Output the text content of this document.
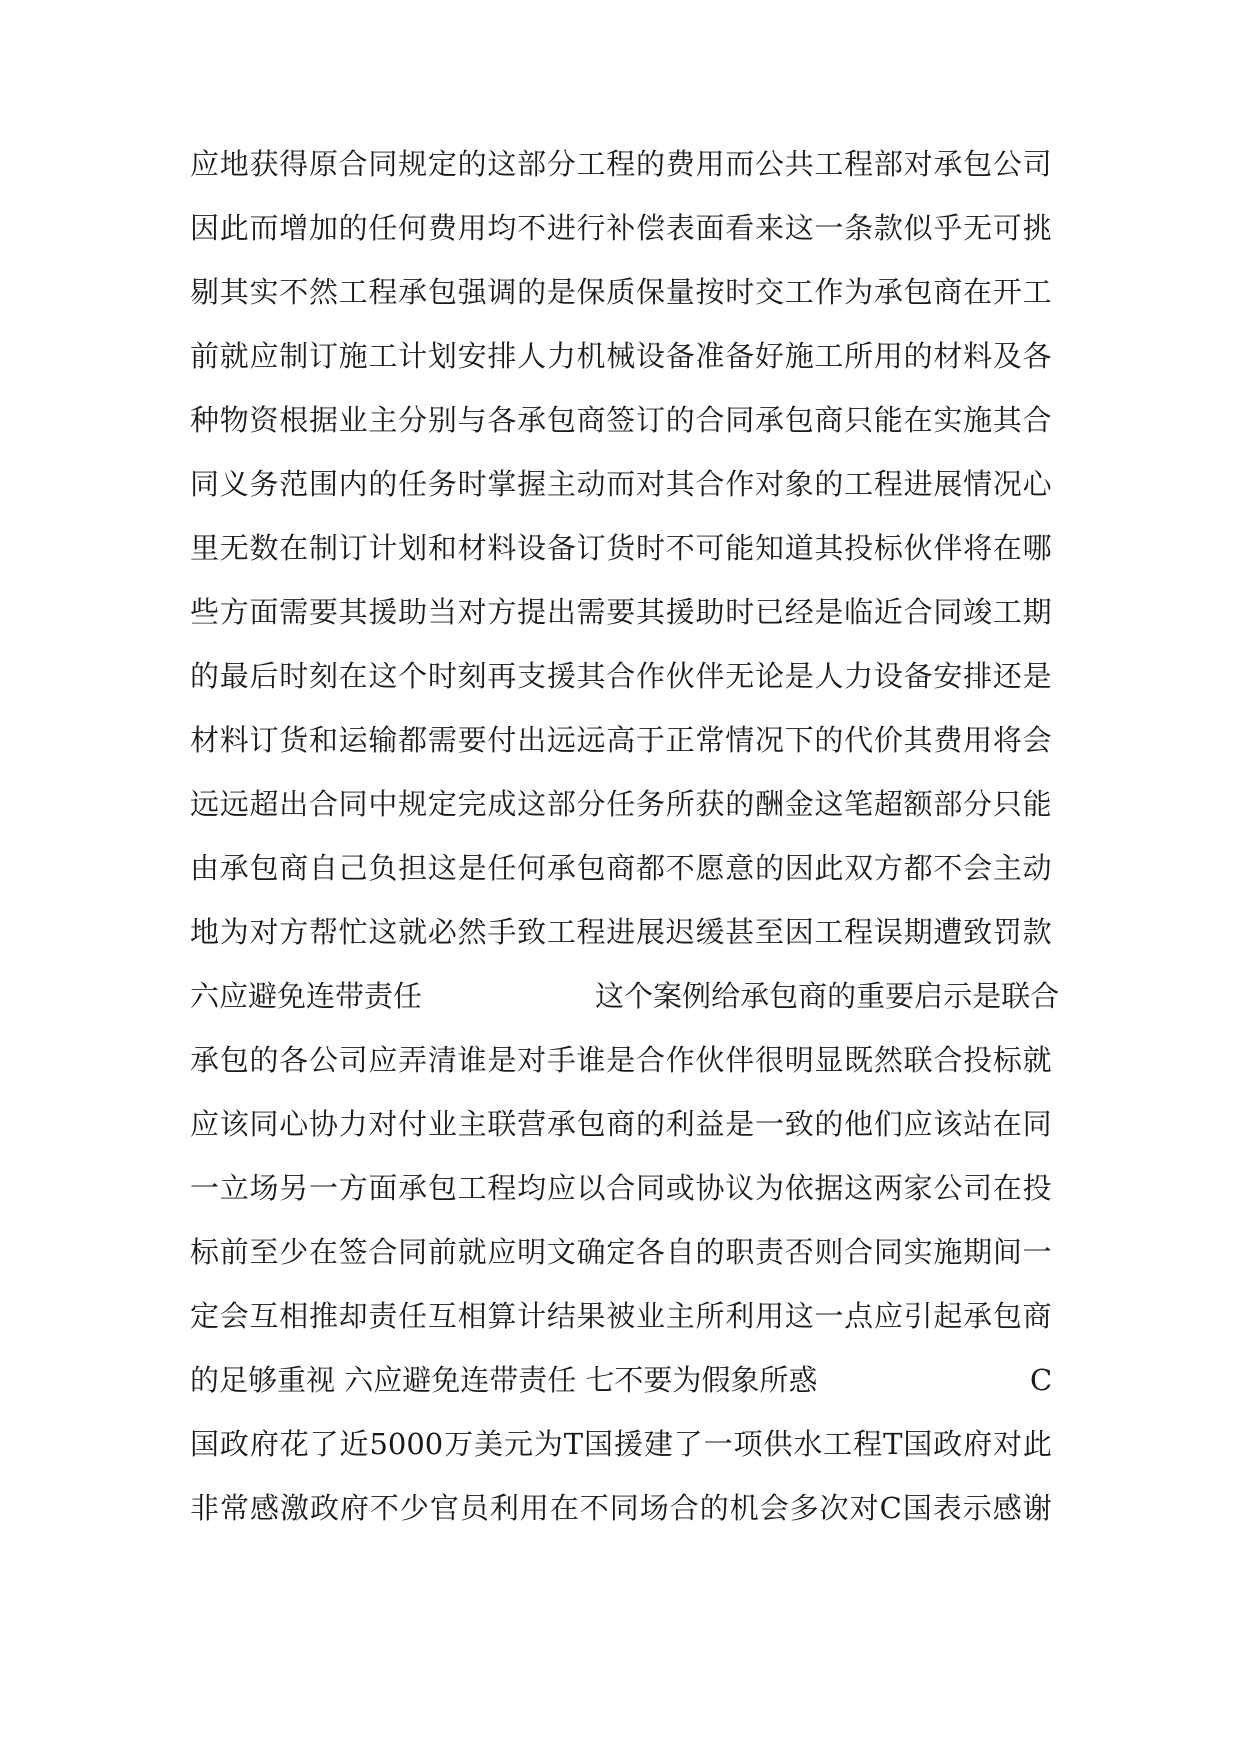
应 地 获 得 原 合 同 规 定 的 这 部 分 工 程 的 费 用 而 公 共 工 程 部 对 承 包 公 司
因 此 而 增 加 的 任 何 费 用 均 不 进 行 补 偿 表 面 看 来 这 一 条 款 似 乎 无 可 挑
剔 其 实 不 然 工 程 承 包 强 调 的 是 保 质 保 量 按 时 交 工 作 为 承 包 商 在 开 工
前 就 应 制 订 施 工 计 划 安 排 人 力 机 械 设 备 准 备 好 施 工 所 用 的 材 料 及 各
种 物 资 根 据 业 主 分 别 与 各 承 包 商 签 订 的 合 同 承 包 商 只 能 在 实 施 其 合
同 义 务 范 围 内 的 任 务 时 掌 握 主 动 而 对 其 合 作 对 象 的 工 程 进 展 情 况 心
里 无 数 在 制 订 计 划 和 材 料 设 备 订 货 时 不 可 能 知 道 其 投 标 伙 伴 将 在 哪
些 方 面 需 要 其 援 助 当 对 方 提 出 需 要 其 援 助 时 已 经 是 临 近 合 同 竣 工 期
的 最 后 时 刻 在 这 个 时 刻 再 支 援 其 合 作 伙 伴 无 论 是 人 力 设 备 安 排 还 是
材 料 订 货 和 运 输 都 需 要 付 出 远 远 高 于 正 常 情 况 下 的 代 价 其 费 用 将 会
远 远 超 出 合 同 中 规 定 完 成 这 部 分 任 务 所 获 的 酬 金 这 笔 超 额 部 分 只 能
由 承 包 商 自 己 负 担 这 是 任 何 承 包 商 都 不 愿 意 的 因 此 双 方 都 不 会 主 动
地 为 对 方 帮 忙 这 就 必 然 手 致 工 程 进 展 迟 缓 甚 至 因 工 程 误 期 遭 致 罚 款
六应避免连带责任	这 个 案 例 给 承 包 商 的 重 要 启 示 是 联 合
承 包 的 各 公 司 应 弄 清 谁 是 对 手 谁 是 合 作 伙 伴 很 明 显 既 然 联 合 投 标 就
应 该 同 心 协 力 对 付 业 主 联 营 承 包 商 的 利 益 是 一 致 的 他 们 应 该 站 在 同
一 立 场 另 一 方 面 承 包 工 程 均 应 以 合 同 或 协 议 为 依 据 这 两 家 公 司 在 投
标 前 至 少 在 签 合 同 前 就 应 明 文 确 定 各 自 的 职 责 否 则 合 同 实 施 期 间 一
定 会 互 相 推 却 责 任 互 相 算 计 结 果 被 业 主 所 利 用 这 一 点 应 引 起 承 包 商
的足够重视 六应避免连带责任 七不要为假象所惑	C
国 政 府 花 了 近 5000 万 美 元 为 T 国 援 建 了 一 项 供 水 工 程 T 国 政 府 对 此
非 常 感 激 政 府 不 少 官 员 利 用 在 不 同 场 合 的 机 会 多 次 对 C 国 表 示 感 谢
